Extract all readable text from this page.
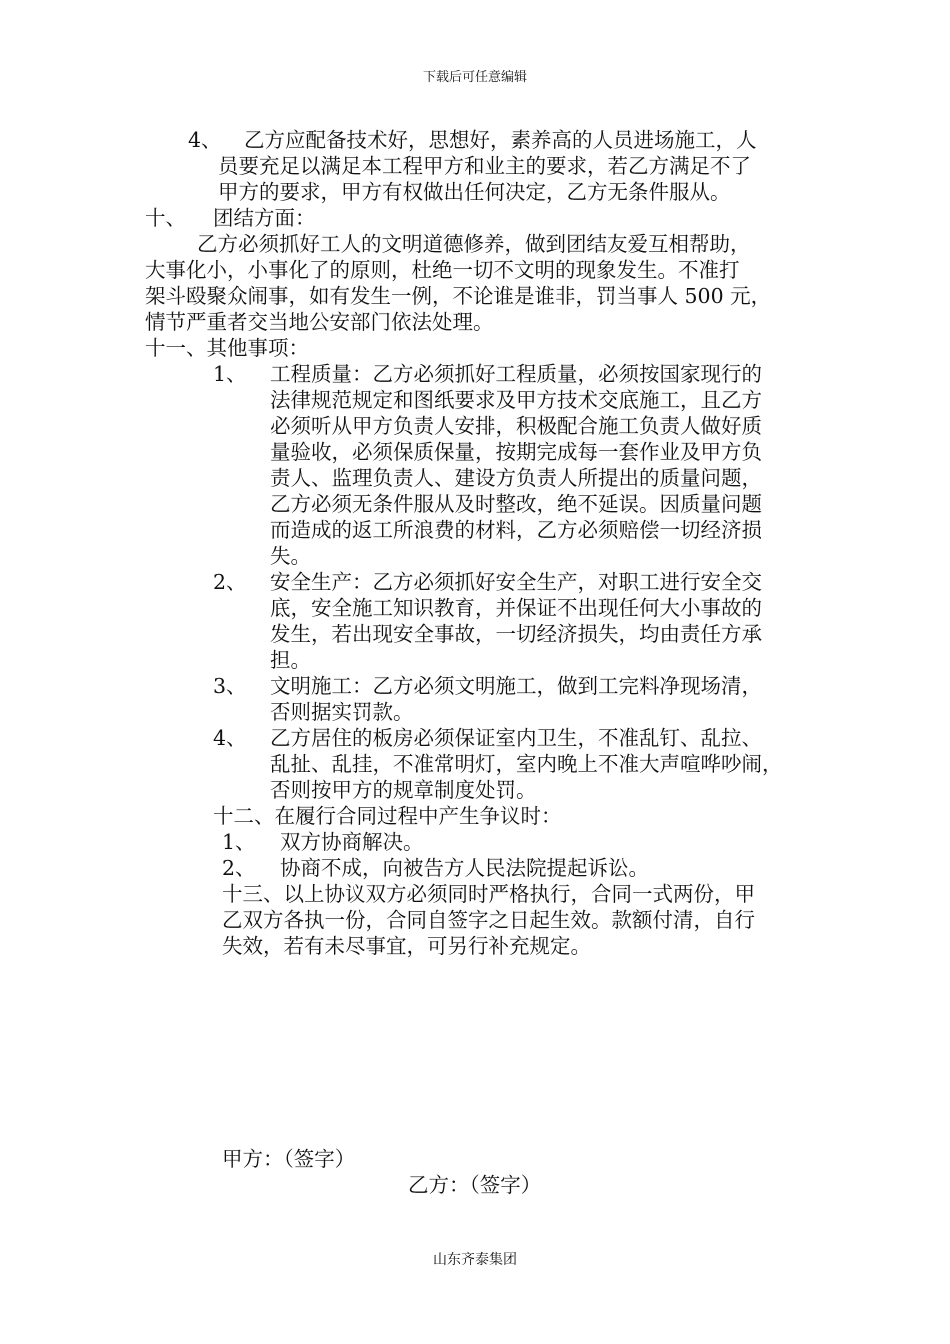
下载后可任意编辑
4、 乙方应配备技术好，思想好，素养高的人员进场施工，人
员要充足以满足本工程甲方和业主的要求，若乙方满足不了
甲方的要求，甲方有权做出任何决定，乙方无条件服从。
十、 团结方面：
乙方必须抓好工人的文明道德修养，做到团结友爱互相帮助，
大事化小，小事化了的原则，杜绝一切不文明的现象发生。不准打
架斗殴聚众闹事，如有发生一例，不论谁是谁非，罚当事人 500 元，
情节严重者交当地公安部门依法处理。
十一、其他事项：
1、 工程质量：乙方必须抓好工程质量，必须按国家现行的
法律规范规定和图纸要求及甲方技术交底施工，且乙方
必须听从甲方负责人安排，积极配合施工负责人做好质
量验收，必须保质保量，按期完成每一套作业及甲方负
责人、监理负责人、建设方负责人所提出的质量问题，
乙方必须无条件服从及时整改，绝不延误。因质量问题
而造成的返工所浪费的材料，乙方必须赔偿一切经济损
失。
2、 安全生产：乙方必须抓好安全生产，对职工进行安全交
底，安全施工知识教育，并保证不出现任何大小事故的
发生，若出现安全事故，一切经济损失，均由责任方承
担。
3、 文明施工：乙方必须文明施工，做到工完料净现场清，
否则据实罚款。
4、 乙方居住的板房必须保证室内卫生，不准乱钉、乱拉、
乱扯、乱挂，不准常明灯，室内晚上不准大声喧哗吵闹，
否则按甲方的规章制度处罚。
十二、在履行合同过程中产生争议时：
1、 双方协商解决。
2、 协商不成，向被告方人民法院提起诉讼。
十三、以上协议双方必须同时严格执行，合同一式两份，甲
乙双方各执一份，合同自签字之日起生效。款额付清，自行
失效，若有未尽事宜，可另行补充规定。
甲方：（签字）
乙方：（签字）
山东齐泰集团
